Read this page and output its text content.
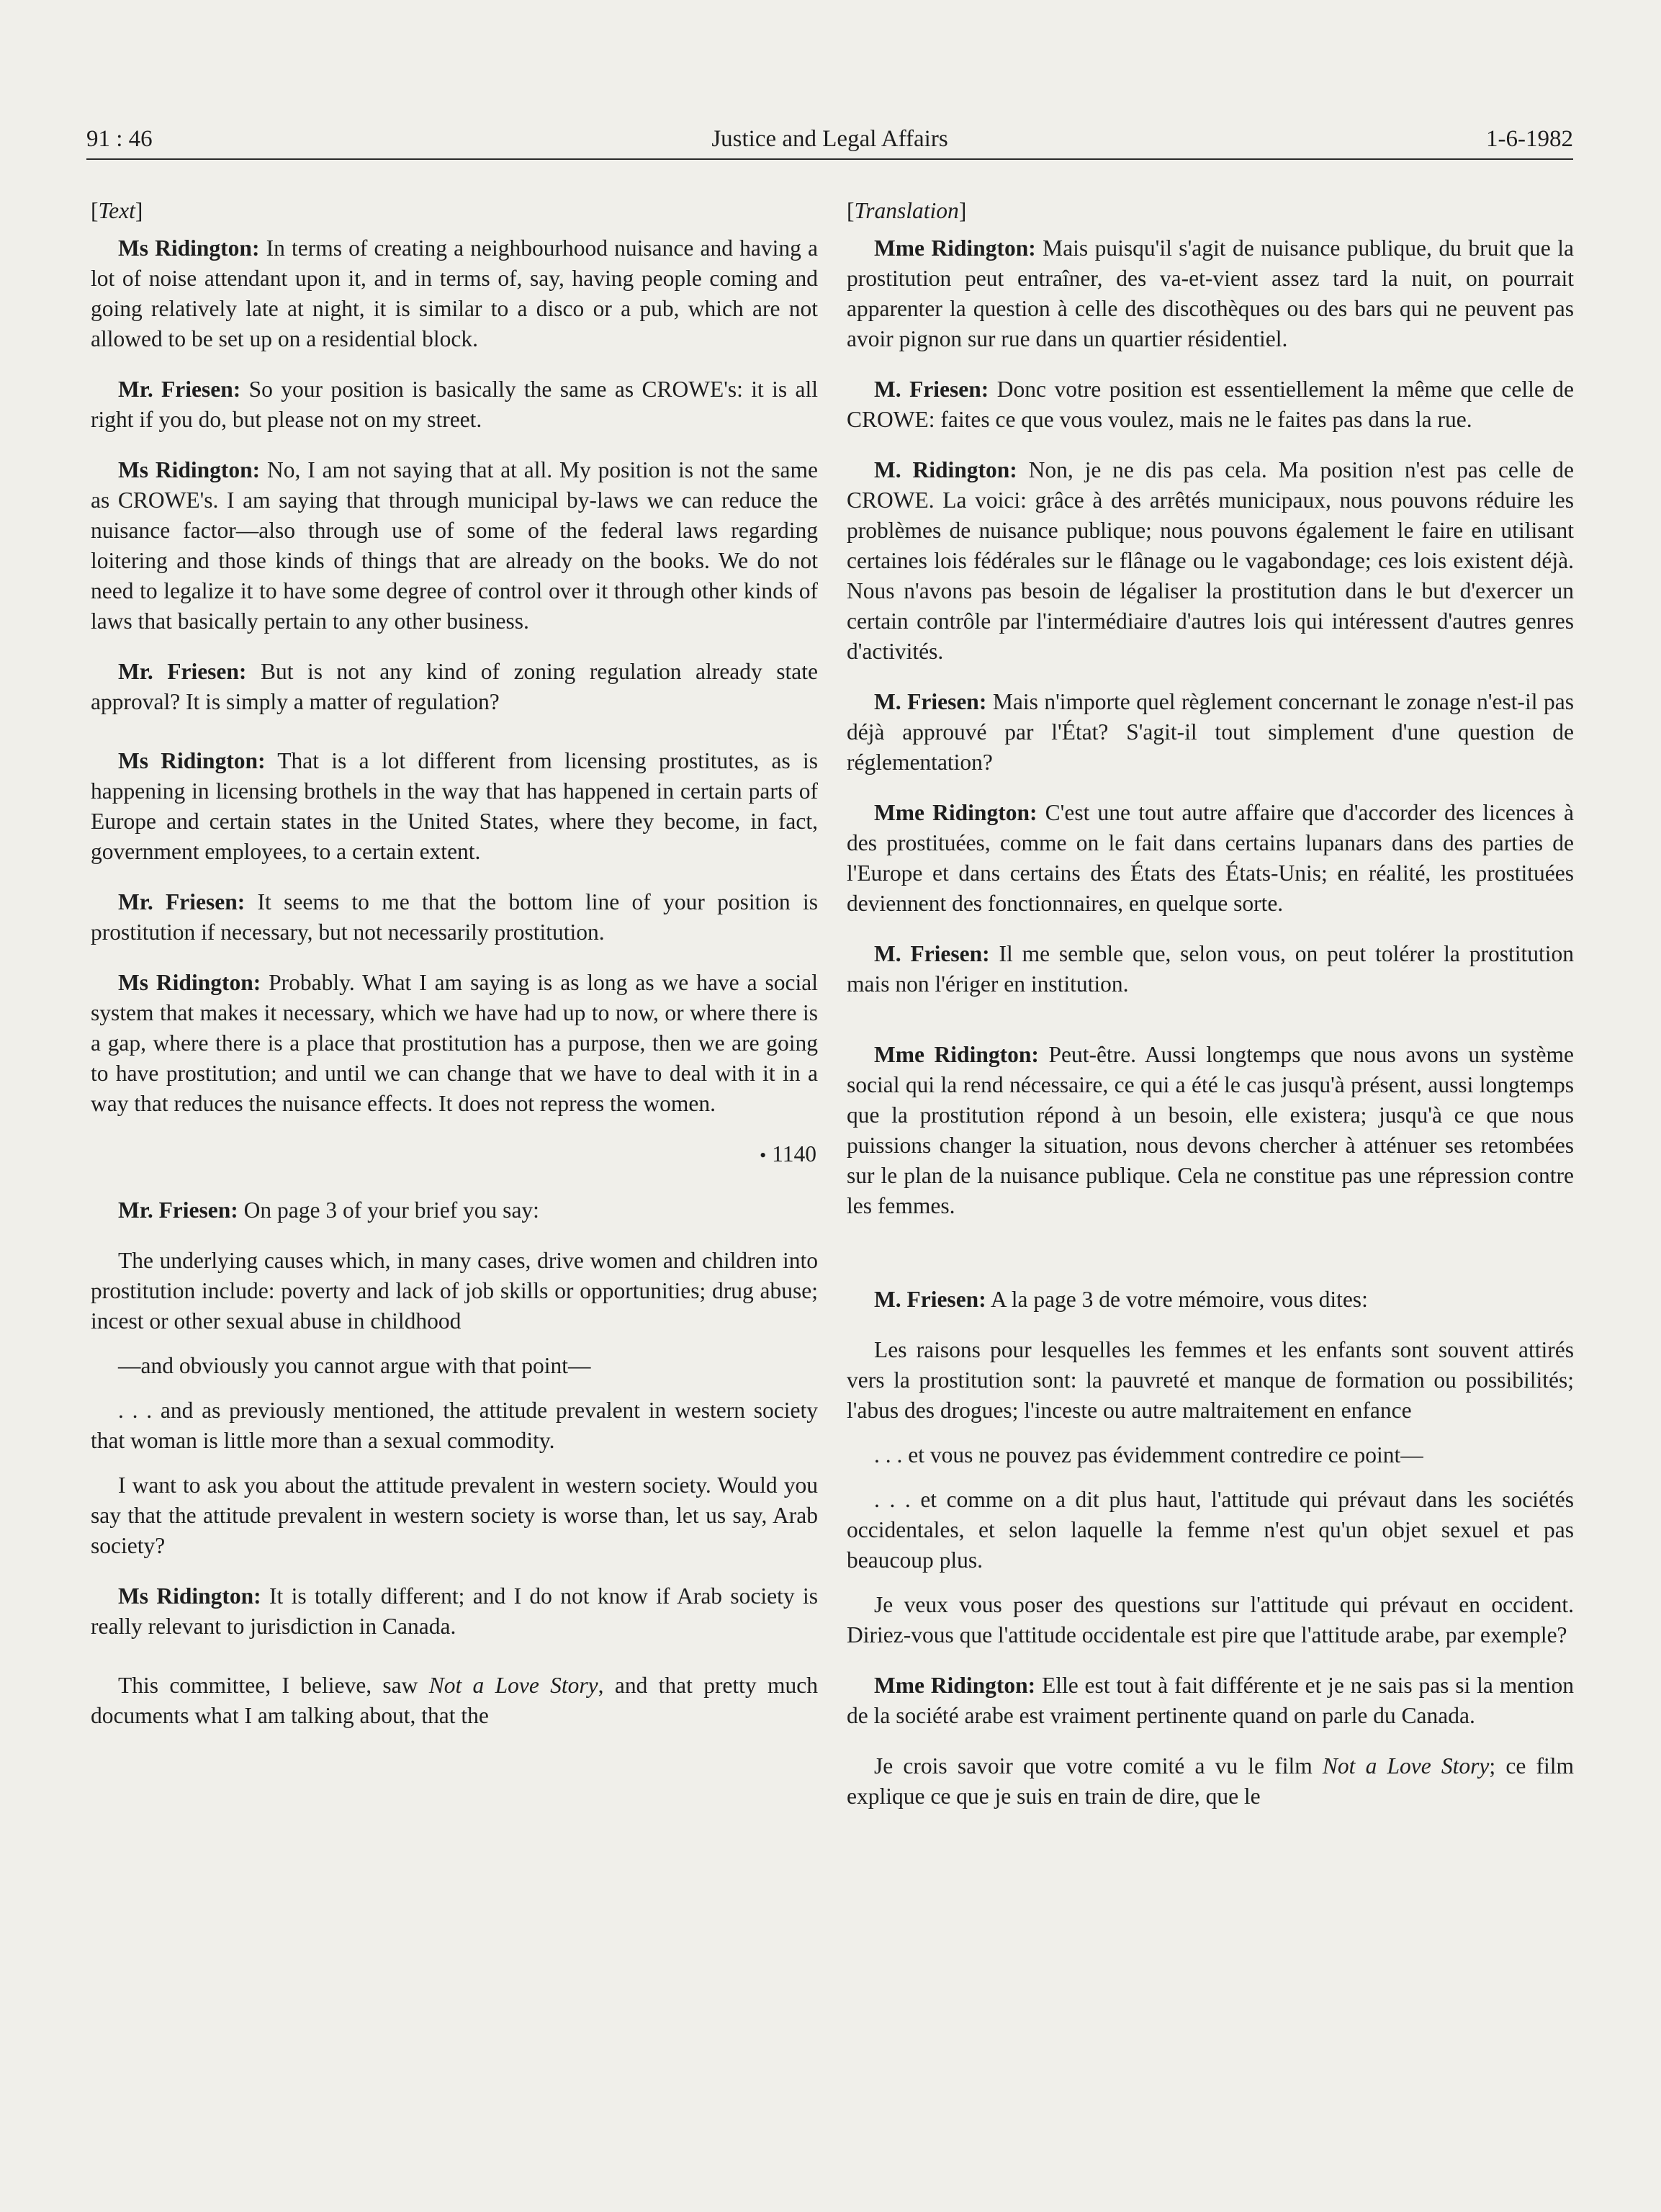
91 : 46	Justice and Legal Affairs	1-6-1982

[Text]

Ms Ridington: In terms of creating a neighbourhood nuisance and having a lot of noise attendant upon it, and in terms of, say, having people coming and going relatively late at night, it is similar to a disco or a pub, which are not allowed to be set up on a residential block.

Mr. Friesen: So your position is basically the same as CROWE's: it is all right if you do, but please not on my street.

Ms Ridington: No, I am not saying that at all. My position is not the same as CROWE's. I am saying that through municipal by-laws we can reduce the nuisance factor—also through use of some of the federal laws regarding loitering and those kinds of things that are already on the books. We do not need to legalize it to have some degree of control over it through other kinds of laws that basically pertain to any other business.

Mr. Friesen: But is not any kind of zoning regulation already state approval? It is simply a matter of regulation?

Ms Ridington: That is a lot different from licensing prostitutes, as is happening in licensing brothels in the way that has happened in certain parts of Europe and certain states in the United States, where they become, in fact, government employees, to a certain extent.

Mr. Friesen: It seems to me that the bottom line of your position is prostitution if necessary, but not necessarily prostitution.

Ms Ridington: Probably. What I am saying is as long as we have a social system that makes it necessary, which we have had up to now, or where there is a gap, where there is a place that prostitution has a purpose, then we are going to have prostitution; and until we can change that we have to deal with it in a way that reduces the nuisance effects. It does not repress the women.

• 1140

Mr. Friesen: On page 3 of your brief you say:

The underlying causes which, in many cases, drive women and children into prostitution include: poverty and lack of job skills or opportunities; drug abuse; incest or other sexual abuse in childhood

—and obviously you cannot argue with that point—

. . . and as previously mentioned, the attitude prevalent in western society that woman is little more than a sexual commodity.

I want to ask you about the attitude prevalent in western society. Would you say that the attitude prevalent in western society is worse than, let us say, Arab society?

Ms Ridington: It is totally different; and I do not know if Arab society is really relevant to jurisdiction in Canada.

This committee, I believe, saw Not a Love Story, and that pretty much documents what I am talking about, that the

[Translation]

Mme Ridington: Mais puisqu'il s'agit de nuisance publique, du bruit que la prostitution peut entraîner, des va-et-vient assez tard la nuit, on pourrait apparenter la question à celle des discothèques ou des bars qui ne peuvent pas avoir pignon sur rue dans un quartier résidentiel.

M. Friesen: Donc votre position est essentiellement la même que celle de CROWE: faites ce que vous voulez, mais ne le faites pas dans la rue.

M. Ridington: Non, je ne dis pas cela. Ma position n'est pas celle de CROWE. La voici: grâce à des arrêtés municipaux, nous pouvons réduire les problèmes de nuisance publique; nous pouvons également le faire en utilisant certaines lois fédérales sur le flânage ou le vagabondage; ces lois existent déjà. Nous n'avons pas besoin de légaliser la prostitution dans le but d'exercer un certain contrôle par l'intermédiaire d'autres lois qui intéressent d'autres genres d'activités.

M. Friesen: Mais n'importe quel règlement concernant le zonage n'est-il pas déjà approuvé par l'État? S'agit-il tout simplement d'une question de réglementation?

Mme Ridington: C'est une tout autre affaire que d'accorder des licences à des prostituées, comme on le fait dans certains lupanars dans des parties de l'Europe et dans certains des États des États-Unis; en réalité, les prostituées deviennent des fonctionnaires, en quelque sorte.

M. Friesen: Il me semble que, selon vous, on peut tolérer la prostitution mais non l'ériger en institution.

Mme Ridington: Peut-être. Aussi longtemps que nous avons un système social qui la rend nécessaire, ce qui a été le cas jusqu'à présent, aussi longtemps que la prostitution répond à un besoin, elle existera; jusqu'à ce que nous puissions changer la situation, nous devons chercher à atténuer ses retombées sur le plan de la nuisance publique. Cela ne constitue pas une répression contre les femmes.

M. Friesen: A la page 3 de votre mémoire, vous dites:

Les raisons pour lesquelles les femmes et les enfants sont souvent attirés vers la prostitution sont: la pauvreté et manque de formation ou possibilités; l'abus des drogues; l'inceste ou autre maltraitement en enfance

. . . et vous ne pouvez pas évidemment contredire ce point—

. . . et comme on a dit plus haut, l'attitude qui prévaut dans les sociétés occidentales, et selon laquelle la femme n'est qu'un objet sexuel et pas beaucoup plus.

Je veux vous poser des questions sur l'attitude qui prévaut en occident. Diriez-vous que l'attitude occidentale est pire que l'attitude arabe, par exemple?

Mme Ridington: Elle est tout à fait différente et je ne sais pas si la mention de la société arabe est vraiment pertinente quand on parle du Canada.

Je crois savoir que votre comité a vu le film Not a Love Story; ce film explique ce que je suis en train de dire, que le
